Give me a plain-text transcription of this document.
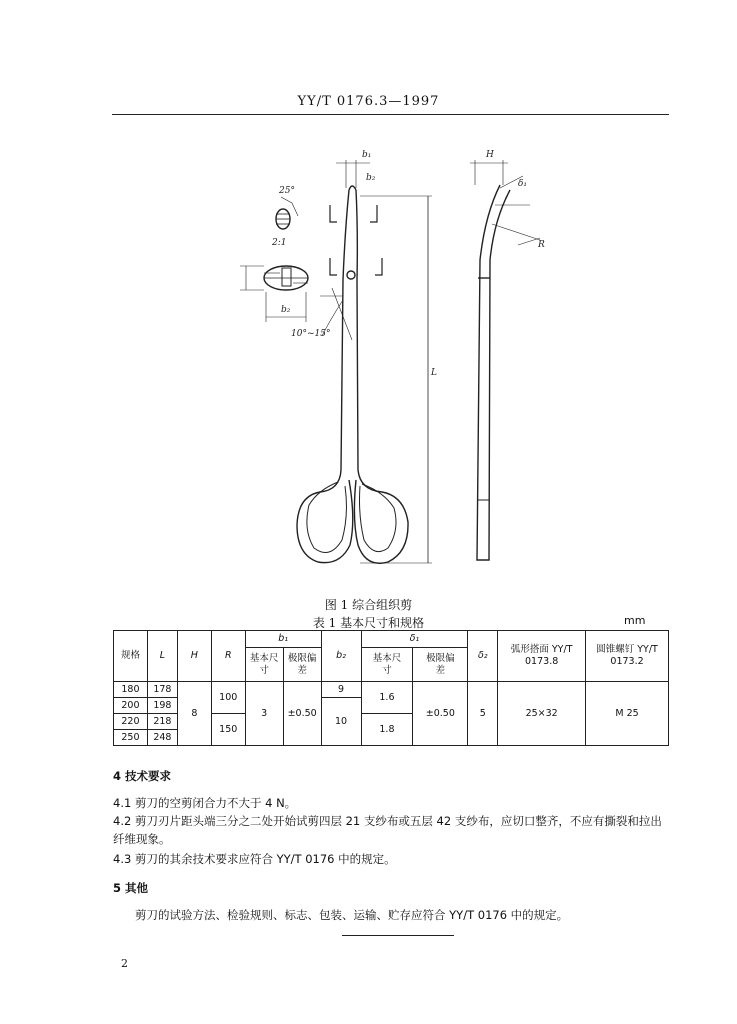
YY/T 0176.3—1997
b₁
b₂
H
δ₁
R
L
25°
2:1
10°~15°
b₂
图 1 综合组织剪
表 1 基本尺寸和规格	mm
规格	L	H	R	b₁		b₂	δ₁		δ₂	弧形搭面 YY/T 0173.8	圆锥螺钉 YY/T 0173.2
				基本尺寸	极限偏差		基本尺寸	极限偏差			
180	178	8	100	3	±0.50	9	1.6	±0.50	5	25×32	M 25
200	198					10					
220	218		150				1.8				
250	248										
4 技术要求
4.1 剪刀的空剪闭合力不大于 4 N。
4.2 剪刀刃片距头端三分之二处开始试剪四层 21 支纱布或五层 42 支纱布，应切口整齐，不应有撕裂和拉出纤维现象。
4.3 剪刀的其余技术要求应符合 YY/T 0176 中的规定。
5 其他
剪刀的试验方法、检验规则、标志、包装、运输、贮存应符合 YY/T 0176 中的规定。
2
